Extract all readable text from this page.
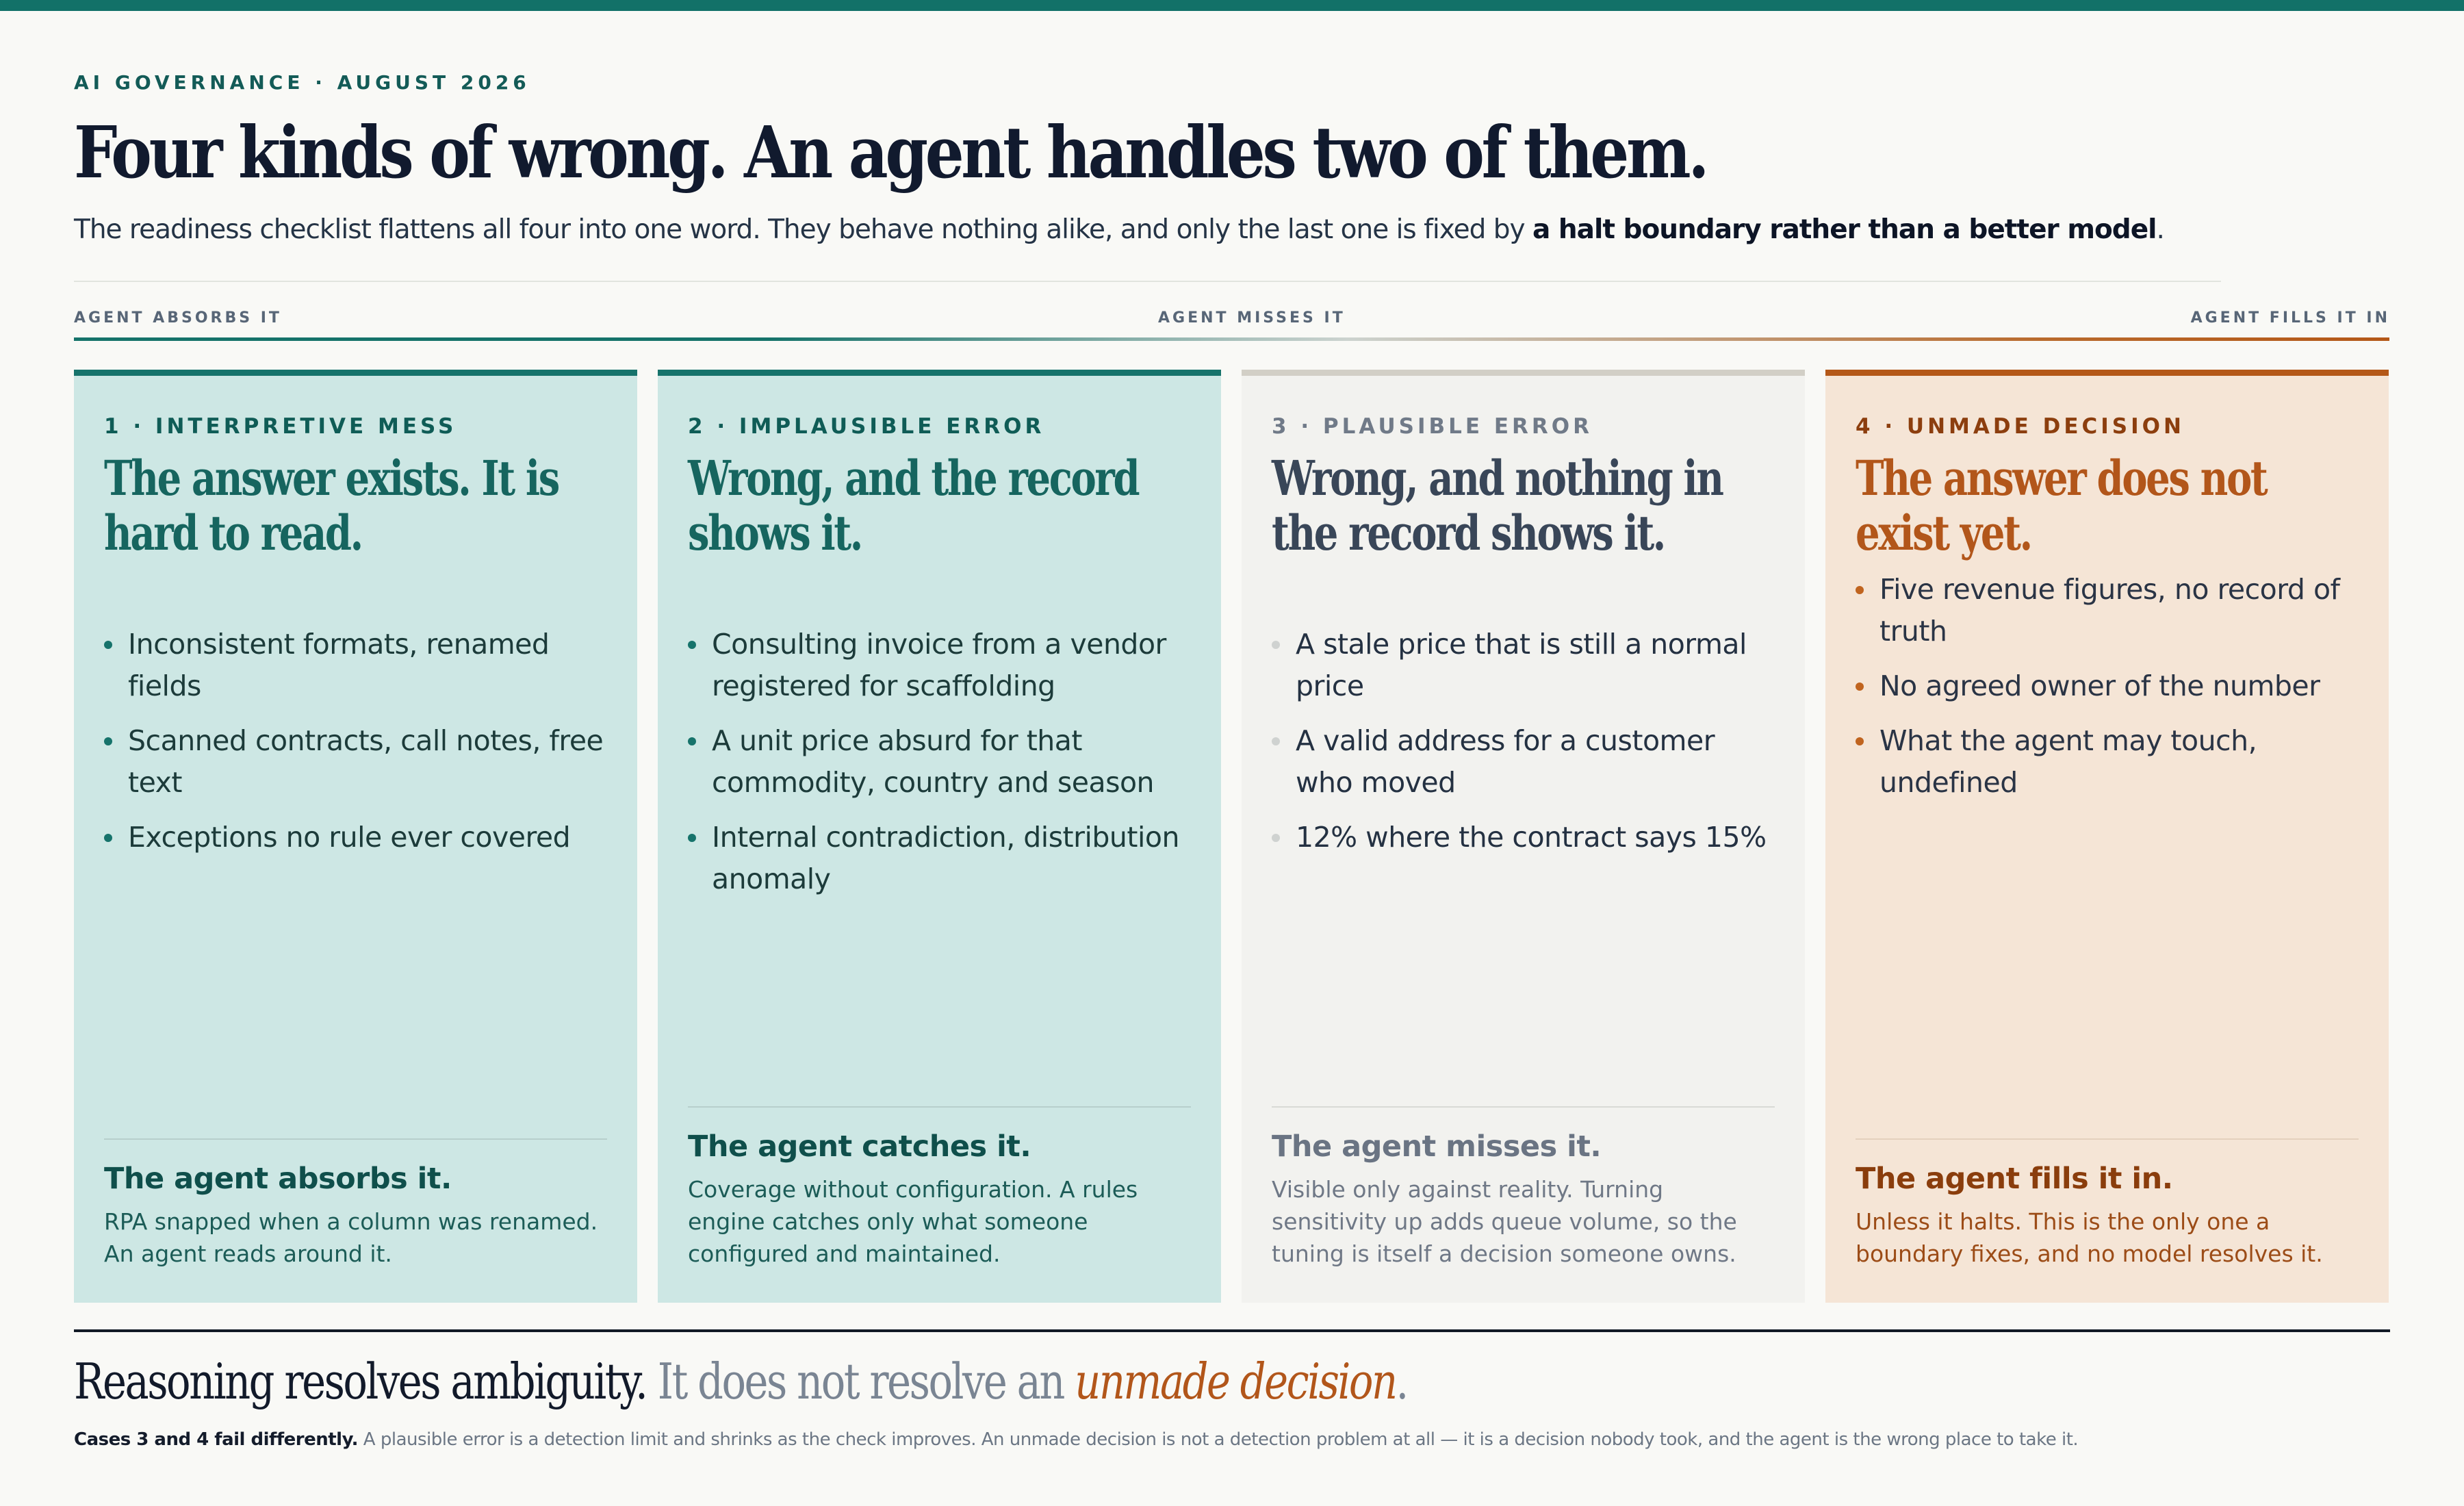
AI GOVERNANCE · AUGUST 2026
Four kinds of wrong. An agent handles two of them.

The readiness checklist flattens all four into one word. They behave nothing alike, and only the last one is fixed by a halt boundary rather than a better model.

AGENT ABSORBS IT	AGENT MISSES IT	AGENT FILLS IT IN
1 · INTERPRETIVE MESS
The answer exists. It is hard to read.
Inconsistent formats, renamed fields
Scanned contracts, call notes, free text
Exceptions no rule ever covered
The agent absorbs it.
RPA snapped when a column was renamed. An agent reads around it.
2 · IMPLAUSIBLE ERROR
Wrong, and the record shows it.
Consulting invoice from a vendor registered for scaffolding
A unit price absurd for that commodity, country and season
Internal contradiction, distribution anomaly
The agent catches it.
Coverage without configuration. A rules engine catches only what someone configured and maintained.
3 · PLAUSIBLE ERROR
Wrong, and nothing in the record shows it.
A stale price that is still a normal price
A valid address for a customer who moved
12% where the contract says 15%
The agent misses it.
Visible only against reality. Turning sensitivity up adds queue volume, so the tuning is itself a decision someone owns.
4 · UNMADE DECISION
The answer does not exist yet.
Five revenue figures, no record of truth
No agreed owner of the number
What the agent may touch, undefined
The agent fills it in.
Unless it halts. This is the only one a boundary fixes, and no model resolves it.
Reasoning resolves ambiguity. It does not resolve an unmade decision.

Cases 3 and 4 fail differently. A plausible error is a detection limit and shrinks as the check improves. An unmade decision is not a detection problem at all — it is a decision nobody took, and the agent is the wrong place to take it.
